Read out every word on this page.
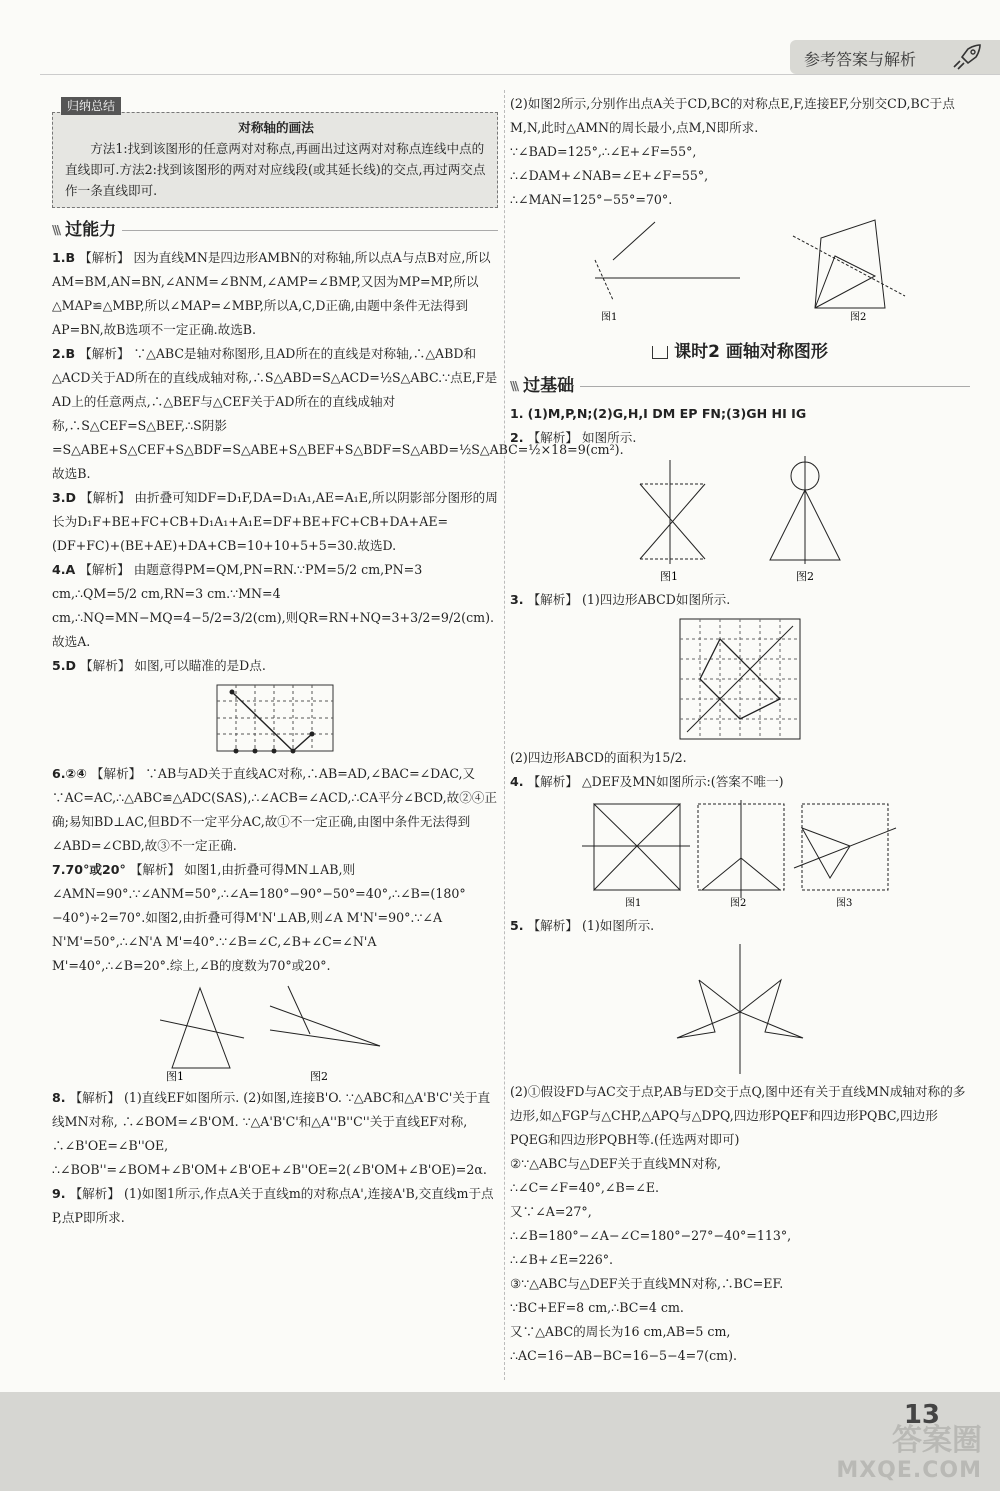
参考答案与解析
归纳总结
对称轴的画法

方法1:找到该图形的任意两对对称点,再画出过这两对对称点连线中点的直线即可.方法2:找到该图形的两对对应线段(或其延长线)的交点,再过两交点作一条直线即可.

\\\ 过能力

1.B 【解析】 因为直线MN是四边形AMBN的对称轴,所以点A与点B对应,所以AM=BM,AN=BN,∠ANM=∠BNM,∠AMP=∠BMP,又因为MP=MP,所以△MAP≌△MBP,所以∠MAP=∠MBP,所以A,C,D正确,由题中条件无法得到AP=BN,故B选项不一定正确.故选B.

2.B 【解析】 ∵△ABC是轴对称图形,且AD所在的直线是对称轴,∴△ABD和△ACD关于AD所在的直线成轴对称,∴S△ABD=S△ACD=½S△ABC.∵点E,F是AD上的任意两点,∴△BEF与△CEF关于AD所在的直线成轴对称,∴S△CEF=S△BEF,∴S阴影=S△ABE+S△CEF+S△BDF=S△ABE+S△BEF+S△BDF=S△ABD=½S△ABC=½×18=9(cm²).故选B.

3.D 【解析】 由折叠可知DF=D₁F,DA=D₁A₁,AE=A₁E,所以阴影部分图形的周长为D₁F+BE+FC+CB+D₁A₁+A₁E=DF+BE+FC+CB+DA+AE=(DF+FC)+(BE+AE)+DA+CB=10+10+5+5=30.故选D.

4.A 【解析】 由题意得PM=QM,PN=RN.∵PM=5/2 cm,PN=3 cm,∴QM=5/2 cm,RN=3 cm.∵MN=4 cm,∴NQ=MN−MQ=4−5/2=3/2(cm),则QR=RN+NQ=3+3/2=9/2(cm).故选A.

5.D 【解析】 如图,可以瞄准的是D点.

6.②④ 【解析】 ∵AB与AD关于直线AC对称,∴AB=AD,∠BAC=∠DAC,又∵AC=AC,∴△ABC≌△ADC(SAS),∴∠ACB=∠ACD,∴CA平分∠BCD,故②④正确;易知BD⊥AC,但BD不一定平分AC,故①不一定正确,由图中条件无法得到∠ABD=∠CBD,故③不一定正确.

7.70°或20° 【解析】 如图1,由折叠可得MN⊥AB,则∠AMN=90°.∵∠ANM=50°,∴∠A=180°−90°−50°=40°,∴∠B=(180°−40°)÷2=70°.如图2,由折叠可得M'N'⊥AB,则∠A M'N'=90°.∵∠A N'M'=50°,∴∠N'A M'=40°.∵∠B=∠C,∠B+∠C=∠N'A M'=40°,∴∠B=20°.综上,∠B的度数为70°或20°.

图1	图2

8. 【解析】 (1)直线EF如图所示. (2)如图,连接B'O. ∵△ABC和△A'B'C'关于直线MN对称, ∴∠BOM=∠B'OM. ∵△A'B'C'和△A''B''C''关于直线EF对称, ∴∠B'OE=∠B''OE, ∴∠BOB''=∠BOM+∠B'OM+∠B'OE+∠B''OE=2(∠B'OM+∠B'OE)=2α.

9. 【解析】 (1)如图1所示,作点A关于直线m的对称点A',连接A'B,交直线m于点P,点P即所求.

(2)如图2所示,分别作出点A关于CD,BC的对称点E,F,连接EF,分别交CD,BC于点M,N,此时△AMN的周长最小,点M,N即所求.

∵∠BAD=125°,∴∠E+∠F=55°,

∴∠DAM+∠NAB=∠E+∠F=55°,

∴∠MAN=125°−55°=70°.

图1	图2
课时2 画轴对称图形
\\\ 过基础

1. (1)M,P,N;(2)G,H,I DM EP FN;(3)GH HI IG

2. 【解析】 如图所示.

图1	图2

3. 【解析】 (1)四边形ABCD如图所示.

(2)四边形ABCD的面积为15/2.

4. 【解析】 △DEF及MN如图所示:(答案不唯一)

图1	图2	图3

5. 【解析】 (1)如图所示.

(2)①假设FD与AC交于点P,AB与ED交于点Q,图中还有关于直线MN成轴对称的多边形,如△FGP与△CHP,△APQ与△DPQ,四边形PQEF和四边形PQBC,四边形PQEG和四边形PQBH等.(任选两对即可)

②∵△ABC与△DEF关于直线MN对称,

∴∠C=∠F=40°,∠B=∠E.

又∵∠A=27°,

∴∠B=180°−∠A−∠C=180°−27°−40°=113°,

∴∠B+∠E=226°.

③∵△ABC与△DEF关于直线MN对称,∴BC=EF.

∵BC+EF=8 cm,∴BC=4 cm.

又∵△ABC的周长为16 cm,AB=5 cm,

∴AC=16−AB−BC=16−5−4=7(cm).

13
答案圈
MXQE.COM
